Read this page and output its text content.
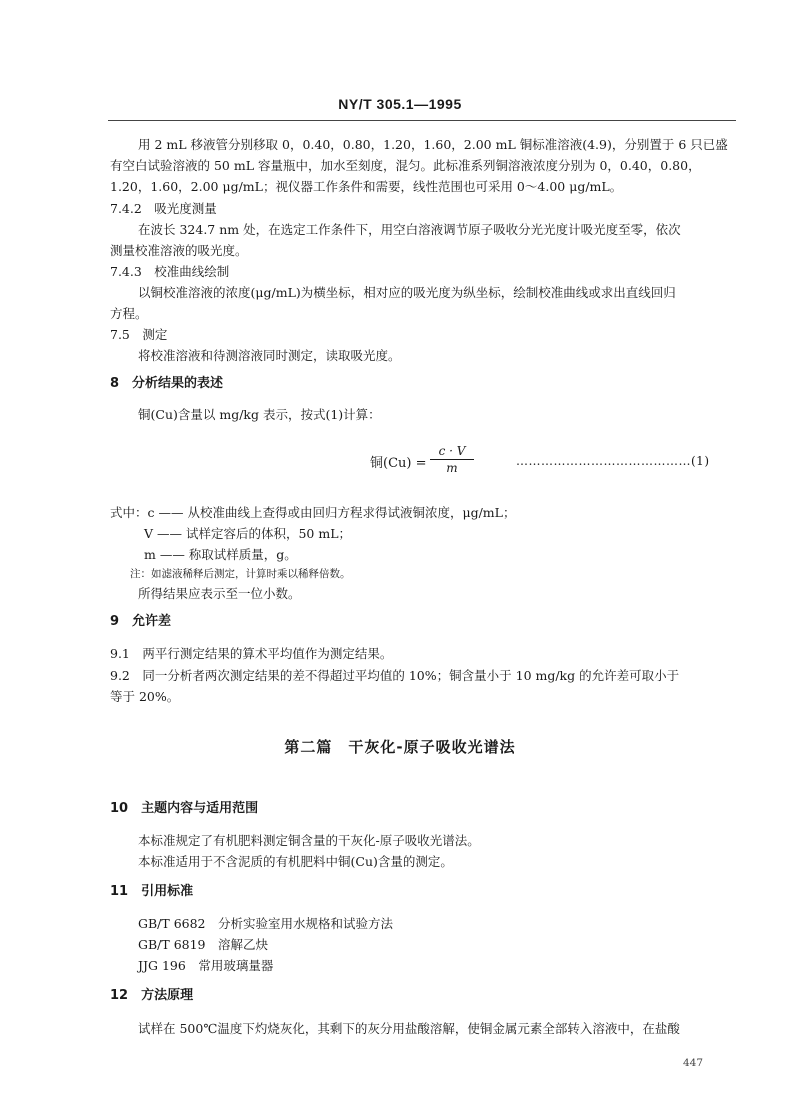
NY/T 305.1—1995
用 2 mL 移液管分别移取 0，0.40，0.80，1.20，1.60，2.00 mL 铜标准溶液(4.9)，分别置于 6 只已盛
有空白试验溶液的 50 mL 容量瓶中，加水至刻度，混匀。此标准系列铜溶液浓度分别为 0，0.40，0.80，
1.20，1.60，2.00 μg/mL；视仪器工作条件和需要，线性范围也可采用 0～4.00 μg/mL。
7.4.2　吸光度测量
在波长 324.7 nm 处，在选定工作条件下，用空白溶液调节原子吸收分光光度计吸光度至零，依次
测量校准溶液的吸光度。
7.4.3　校准曲线绘制
以铜校准溶液的浓度(μg/mL)为横坐标，相对应的吸光度为纵坐标，绘制校准曲线或求出直线回归
方程。
7.5　测定
将校准溶液和待测溶液同时测定，读取吸光度。
8　分析结果的表述
铜(Cu)含量以 mg/kg 表示，按式(1)计算：
铜$(Cu) = \frac{c \cdot V}{m}$	……………………………………(1)
式中：c —— 从校准曲线上查得或由回归方程求得试液铜浓度，μg/mL；
V —— 试样定容后的体积，50 mL；
m —— 称取试样质量，g。
注：如滤液稀释后测定，计算时乘以稀释倍数。
所得结果应表示至一位小数。
9　允许差
9.1　两平行测定结果的算术平均值作为测定结果。
9.2　同一分析者两次测定结果的差不得超过平均值的 10%；铜含量小于 10 mg/kg 的允许差可取小于
等于 20%。
第二篇　干灰化-原子吸收光谱法
10　主题内容与适用范围
本标准规定了有机肥料测定铜含量的干灰化-原子吸收光谱法。
本标准适用于不含泥质的有机肥料中铜(Cu)含量的测定。
11　引用标准
GB/T 6682　分析实验室用水规格和试验方法
GB/T 6819　溶解乙炔
JJG 196　常用玻璃量器
12　方法原理
试样在 500℃温度下灼烧灰化，其剩下的灰分用盐酸溶解，使铜金属元素全部转入溶液中，在盐酸
447
